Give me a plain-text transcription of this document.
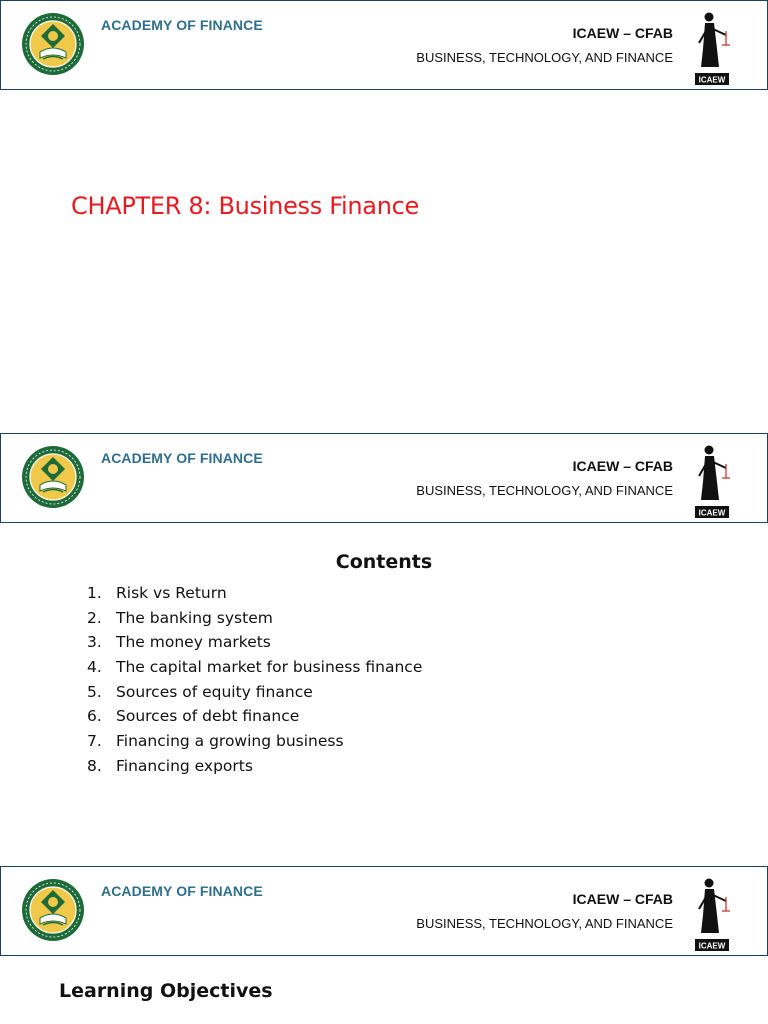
ACADEMY OF FINANCE	ICAEW – CFAB
BUSINESS, TECHNOLOGY, AND FINANCE
ICAEW
CHAPTER 8: Business Finance
ACADEMY OF FINANCE	ICAEW – CFAB
BUSINESS, TECHNOLOGY, AND FINANCE
ICAEW
Contents
1. Risk vs Return
2. The banking system
3. The money markets
4. The capital market for business finance
5. Sources of equity finance
6. Sources of debt finance
7. Financing a growing business
8. Financing exports
ACADEMY OF FINANCE	ICAEW – CFAB
BUSINESS, TECHNOLOGY, AND FINANCE
ICAEW
Learning Objectives
